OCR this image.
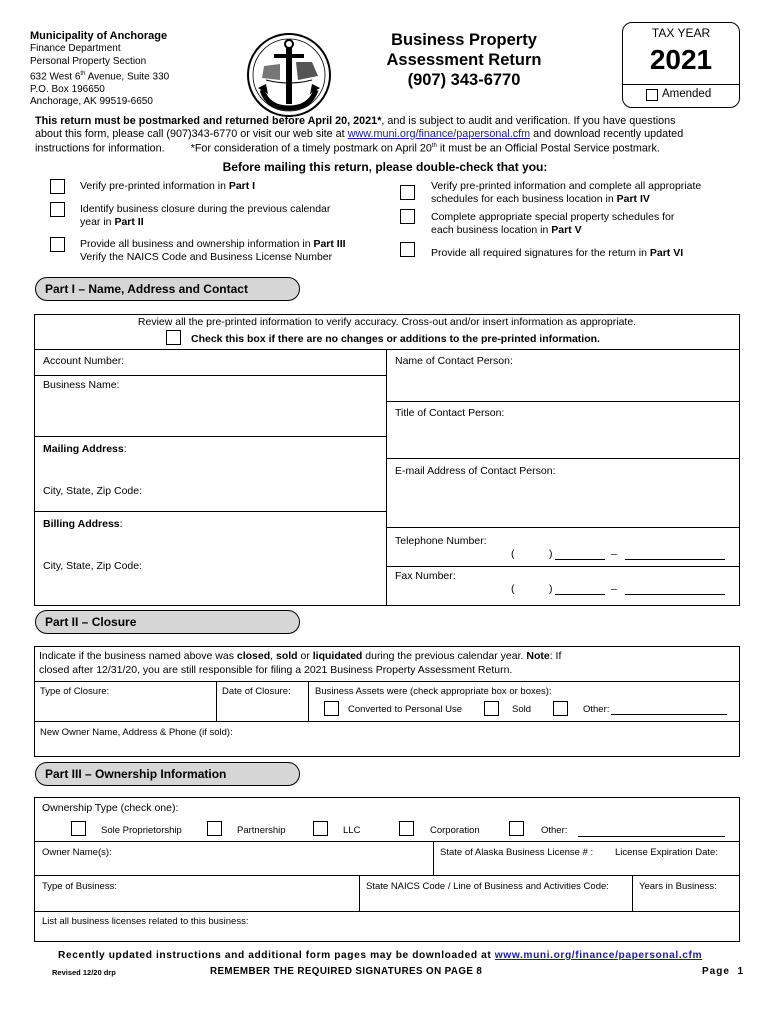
Municipality of Anchorage
Finance Department
Personal Property Section
632 West 6th Avenue, Suite 330
P.O. Box 196650
Anchorage, AK 99519-6650
Business Property
Assessment Return
(907) 343-6770
TAX YEAR
2021
Amended
This return must be postmarked and returned before April 20, 2021*, and is subject to audit and verification. If you have questions
about this form, please call (907)343-6770 or visit our web site at www.muni.org/finance/papersonal.cfm and download recently updated
instructions for information. *For consideration of a timely postmark on April 20th it must be an Official Postal Service postmark.
Before mailing this return, please double-check that you:
Verify pre-printed information in Part I
Identify business closure during the previous calendar
year in Part II
Provide all business and ownership information in Part III
Verify the NAICS Code and Business License Number
Verify pre-printed information and complete all appropriate
schedules for each business location in Part IV
Complete appropriate special property schedules for
each business location in Part V
Provide all required signatures for the return in Part VI
Part I – Name, Address and Contact
Review all the pre-printed information to verify accuracy. Cross-out and/or insert information as appropriate.
Check this box if there are no changes or additions to the pre-printed information.
Account Number:
Business Name:
Mailing Address:
City, State, Zip Code:
Billing Address:
City, State, Zip Code:
Name of Contact Person:
Title of Contact Person:
E-mail Address of Contact Person:
Telephone Number:
(	)	–
Fax Number:
(	)	–
Part II – Closure
Indicate if the business named above was closed, sold or liquidated during the previous calendar year. Note: If
closed after 12/31/20, you are still responsible for filing a 2021 Business Property Assessment Return.
Type of Closure:	Date of Closure:	Business Assets were (check appropriate box or boxes):
Converted to Personal Use	Sold	Other:
New Owner Name, Address & Phone (if sold):
Part III – Ownership Information
Ownership Type (check one):
Sole Proprietorship	Partnership	LLC	Corporation	Other:
Owner Name(s):	State of Alaska Business License # : License Expiration Date:
Type of Business:	State NAICS Code / Line of Business and Activities Code:	Years in Business:
List all business licenses related to this business:
Recently updated instructions and additional form pages may be downloaded at www.muni.org/finance/papersonal.cfm
Revised 12/20 drp	REMEMBER THE REQUIRED SIGNATURES ON PAGE 8	Page 1
